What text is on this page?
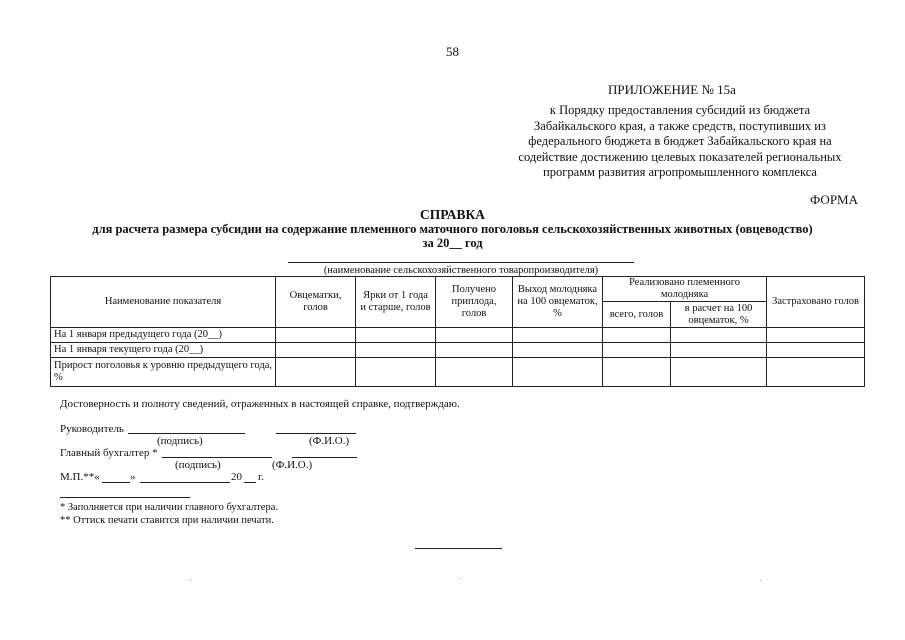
58
ПРИЛОЖЕНИЕ № 15а
к Порядку предоставления субсидий из бюджета
Забайкальского края, а также средств, поступивших из
федерального бюджета в бюджет Забайкальского края на
содействие достижению целевых показателей региональных
программ развития агропромышленного комплекса
ФОРМА
СПРАВКА
для расчета размера субсидии на содержание племенного маточного поголовья сельскохозяйственных животных (овцеводство)
за 20__ год
(наименование сельскохозяйственного товаропроизводителя)
Наименование показателя	Овцематки, голов	Ярки от 1 года и старше, голов	Получено приплода, голов	Выход молодняка на 100 овцематок, %	Реализовано племенного молодняка		Застраховано голов
					всего, голов	в расчет на 100 овцематок, %	
На 1 января предыдущего года (20__)							
На 1 января текущего года (20__)							
Прирост поголовья к уровню предыдущего года, %							
Достоверность и полноту сведений, отраженных в настоящей справке, подтверждаю.
Руководитель
(подпись)	(Ф.И.О.)
Главный бухгалтер *
(подпись)	(Ф.И.О.)
М.П.**«	»	20 г.
* Заполняется при наличии главного бухгалтера.
** Оттиск печати ставится при наличии печати.
